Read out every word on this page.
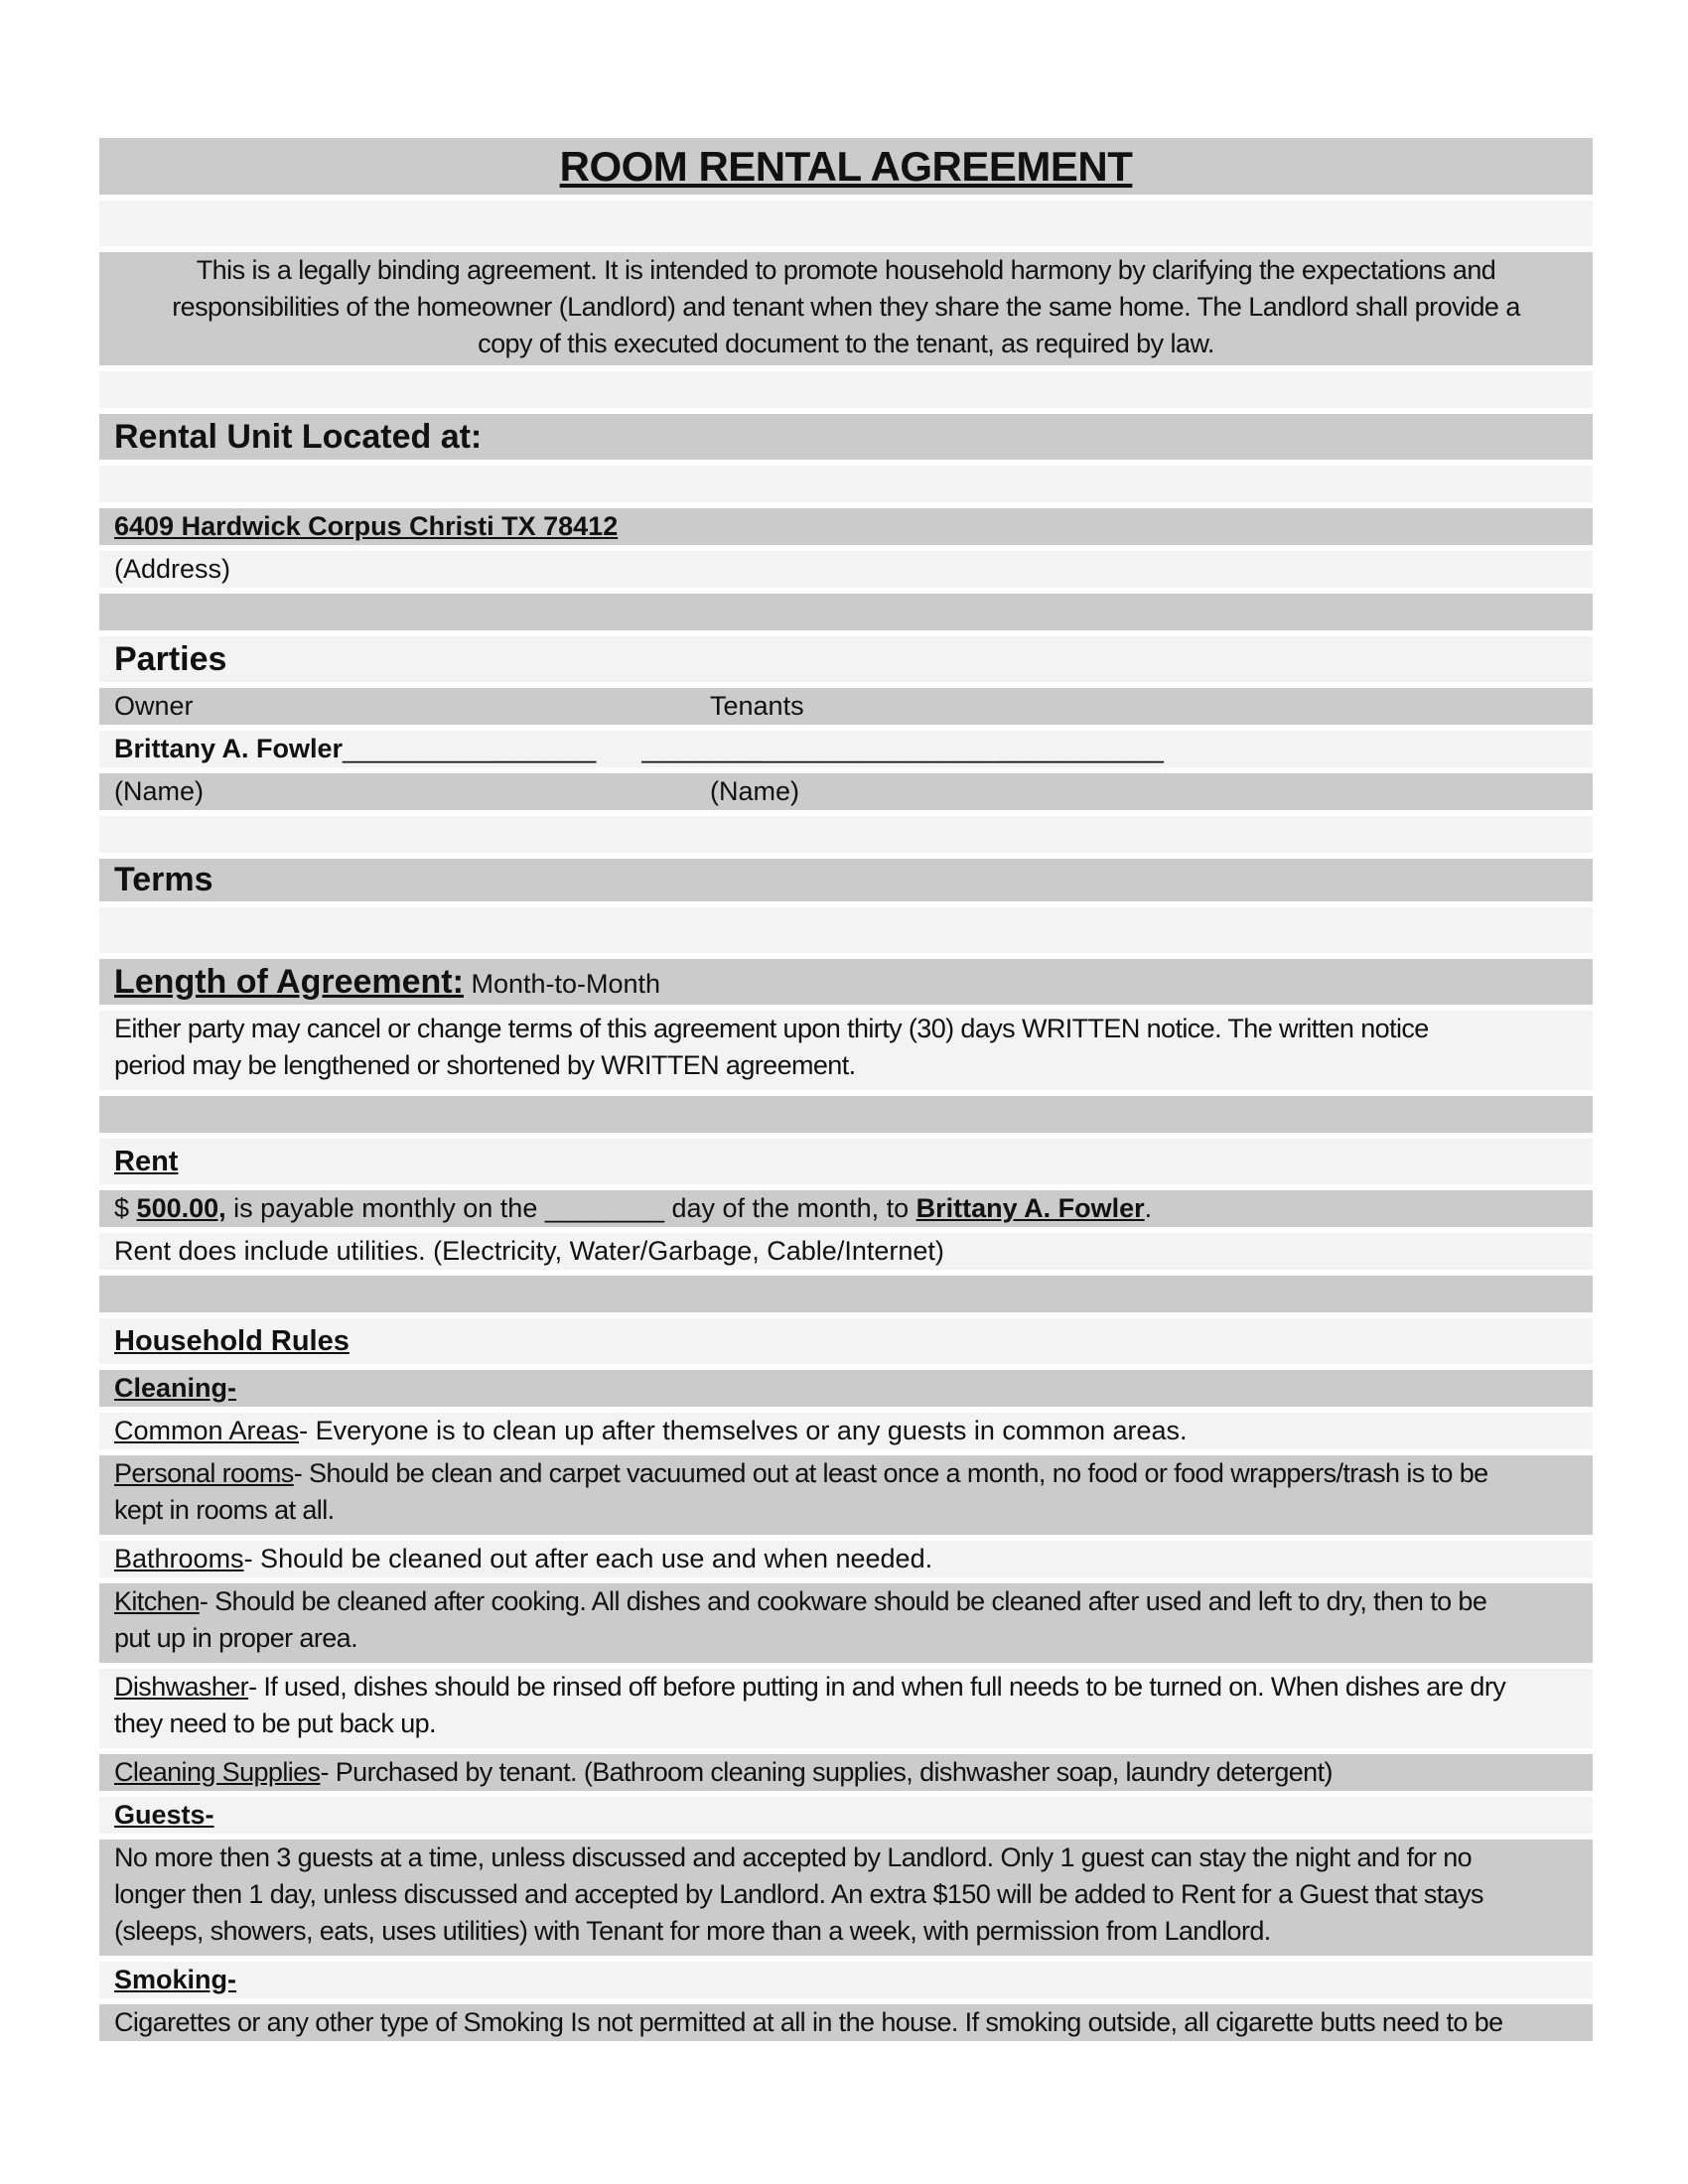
ROOM RENTAL AGREEMENT
This is a legally binding agreement. It is intended to promote household harmony by clarifying the expectations and
responsibilities of the homeowner (Landlord) and tenant when they share the same home. The Landlord shall provide a
copy of this executed document to the tenant, as required by law.
Rental Unit Located at:
6409 Hardwick Corpus Christi TX 78412
(Address)
Parties
Owner	Tenants
Brittany A. Fowler_________________ ___________________________________
(Name)	(Name)
Terms
Length of Agreement: Month-to-Month
Either party may cancel or change terms of this agreement upon thirty (30) days WRITTEN notice. The written notice
period may be lengthened or shortened by WRITTEN agreement.
Rent
$ 500.00, is payable monthly on the ________ day of the month, to Brittany A. Fowler.
Rent does include utilities. (Electricity, Water/Garbage, Cable/Internet)
Household Rules
Cleaning-
Common Areas- Everyone is to clean up after themselves or any guests in common areas.
Personal rooms- Should be clean and carpet vacuumed out at least once a month, no food or food wrappers/trash is to be
kept in rooms at all.
Bathrooms- Should be cleaned out after each use and when needed.
Kitchen- Should be cleaned after cooking. All dishes and cookware should be cleaned after used and left to dry, then to be
put up in proper area.
Dishwasher- If used, dishes should be rinsed off before putting in and when full needs to be turned on. When dishes are dry
they need to be put back up.
Cleaning Supplies- Purchased by tenant. (Bathroom cleaning supplies, dishwasher soap, laundry detergent)
Guests-
No more then 3 guests at a time, unless discussed and accepted by Landlord. Only 1 guest can stay the night and for no
longer then 1 day, unless discussed and accepted by Landlord. An extra $150 will be added to Rent for a Guest that stays
(sleeps, showers, eats, uses utilities) with Tenant for more than a week, with permission from Landlord.
Smoking-
Cigarettes or any other type of Smoking Is not permitted at all in the house. If smoking outside, all cigarette butts need to be
